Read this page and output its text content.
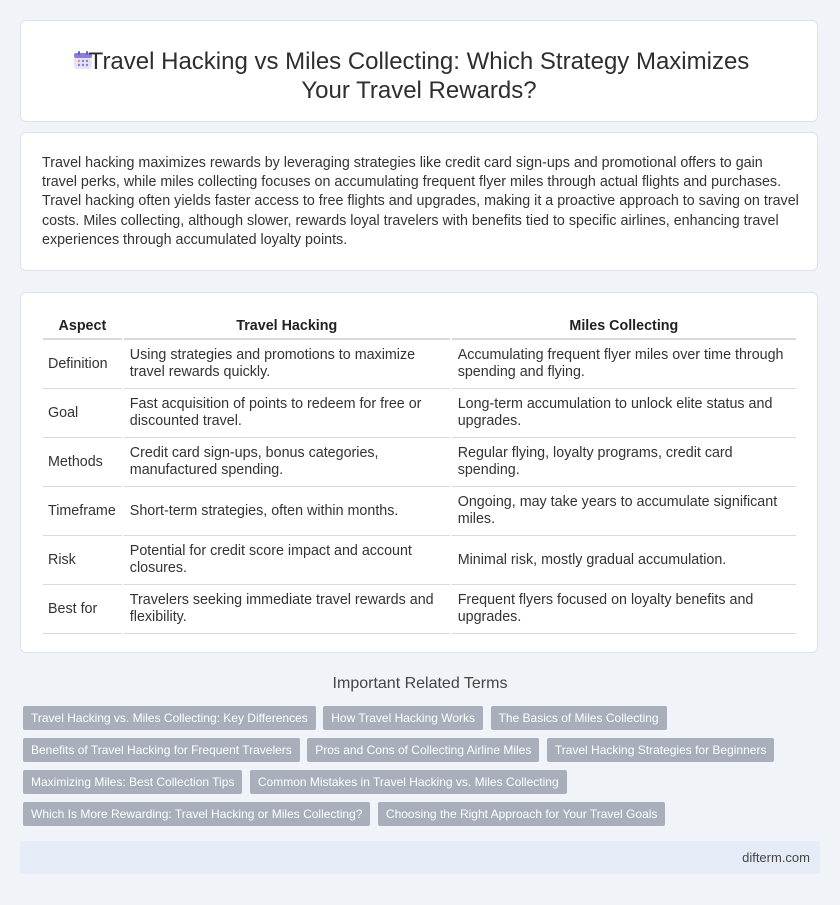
Travel Hacking vs Miles Collecting: Which Strategy Maximizes Your Travel Rewards?
Travel hacking maximizes rewards by leveraging strategies like credit card sign-ups and promotional offers to gain travel perks, while miles collecting focuses on accumulating frequent flyer miles through actual flights and purchases. Travel hacking often yields faster access to free flights and upgrades, making it a proactive approach to saving on travel costs. Miles collecting, although slower, rewards loyal travelers with benefits tied to specific airlines, enhancing travel experiences through accumulated loyalty points.
Aspect	Travel Hacking	Miles Collecting
Definition	Using strategies and promotions to maximize travel rewards quickly.	Accumulating frequent flyer miles over time through spending and flying.
Goal	Fast acquisition of points to redeem for free or discounted travel.	Long-term accumulation to unlock elite status and upgrades.
Methods	Credit card sign-ups, bonus categories, manufactured spending.	Regular flying, loyalty programs, credit card spending.
Timeframe	Short-term strategies, often within months.	Ongoing, may take years to accumulate significant miles.
Risk	Potential for credit score impact and account closures.	Minimal risk, mostly gradual accumulation.
Best for	Travelers seeking immediate travel rewards and flexibility.	Frequent flyers focused on loyalty benefits and upgrades.
Important Related Terms
Travel Hacking vs. Miles Collecting: Key Differences How Travel Hacking Works The Basics of Miles Collecting
Benefits of Travel Hacking for Frequent Travelers Pros and Cons of Collecting Airline Miles Travel Hacking Strategies for Beginners
Maximizing Miles: Best Collection Tips Common Mistakes in Travel Hacking vs. Miles Collecting
Which Is More Rewarding: Travel Hacking or Miles Collecting? Choosing the Right Approach for Your Travel Goals
difterm.com
